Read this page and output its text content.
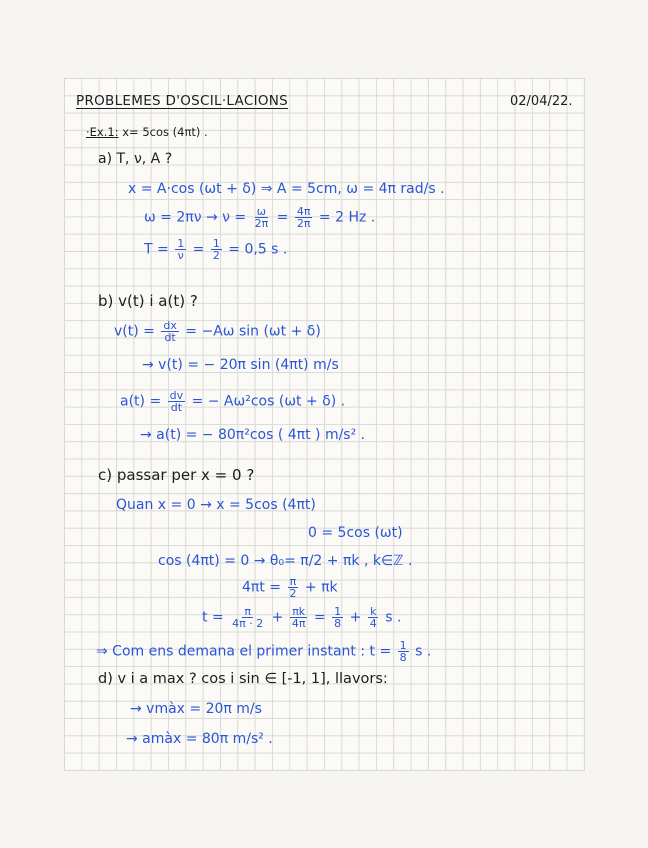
PROBLEMES D'OSCIL·LACIONS	02/04/22.
·Ex.1: x= 5cos (4πt) .
a) T, ν, A ?
x = A·cos (ωt + δ) ⇒ A = 5cm, ω = 4π rad/s .
$\omega = 2\pi\nu \to \nu = \frac{\omega}{2\pi} = \frac{4\pi}{2\pi} = 2$ Hz .
$T = \frac{1}{\nu} = \frac{1}{2} = 0,5$ s .
b) v(t) i a(t) ?
$v(t) = \frac{dx}{dt} = -A\omega$ sin (ωt + δ)
→ v(t) = − 20π sin (4πt) m/s
$a(t) = \frac{dv}{dt}$ = − Aω²cos (ωt + δ) .
→ a(t) = − 80π²cos ( 4πt ) m/s² .
c) passar per x = 0 ?
Quan x = 0 → x = 5cos (4πt)
0 = 5cos (ωt)
cos (4πt) = 0 → θ₀= π/2 + πk , k∈ℤ .
$4\pi t = \frac{\pi}{2} + \pi k$
$t = \frac{\pi}{4\pi \cdot 2} + \frac{\pi k}{4\pi} = \frac{1}{8} + \frac{k}{4}$ s .
⇒ Com ens demana el primer instant : $t = \frac{1}{8}$ s .
d) v i a max ? cos i sin ∈ [-1, 1], llavors:
→ vmàx = 20π m/s
→ amàx = 80π m/s² .
